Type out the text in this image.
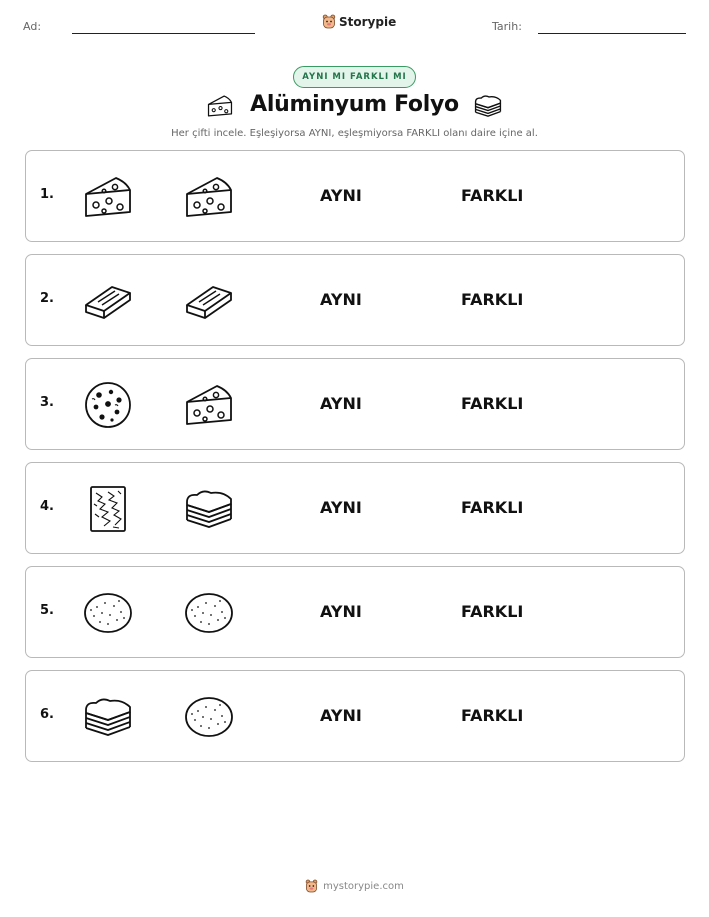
Ad:	Storypie	Tarih:
AYNI MI FARKLI MI
Alüminyum Folyo
Her çifti incele. Eşleşiyorsa AYNI, eşleşmiyorsa FARKLI olanı daire içine al.
1.	AYNI	FARKLI
2.	AYNI	FARKLI
3.	AYNI	FARKLI
4.	AYNI	FARKLI
5.	AYNI	FARKLI
6.	AYNI	FARKLI
mystorypie.com
